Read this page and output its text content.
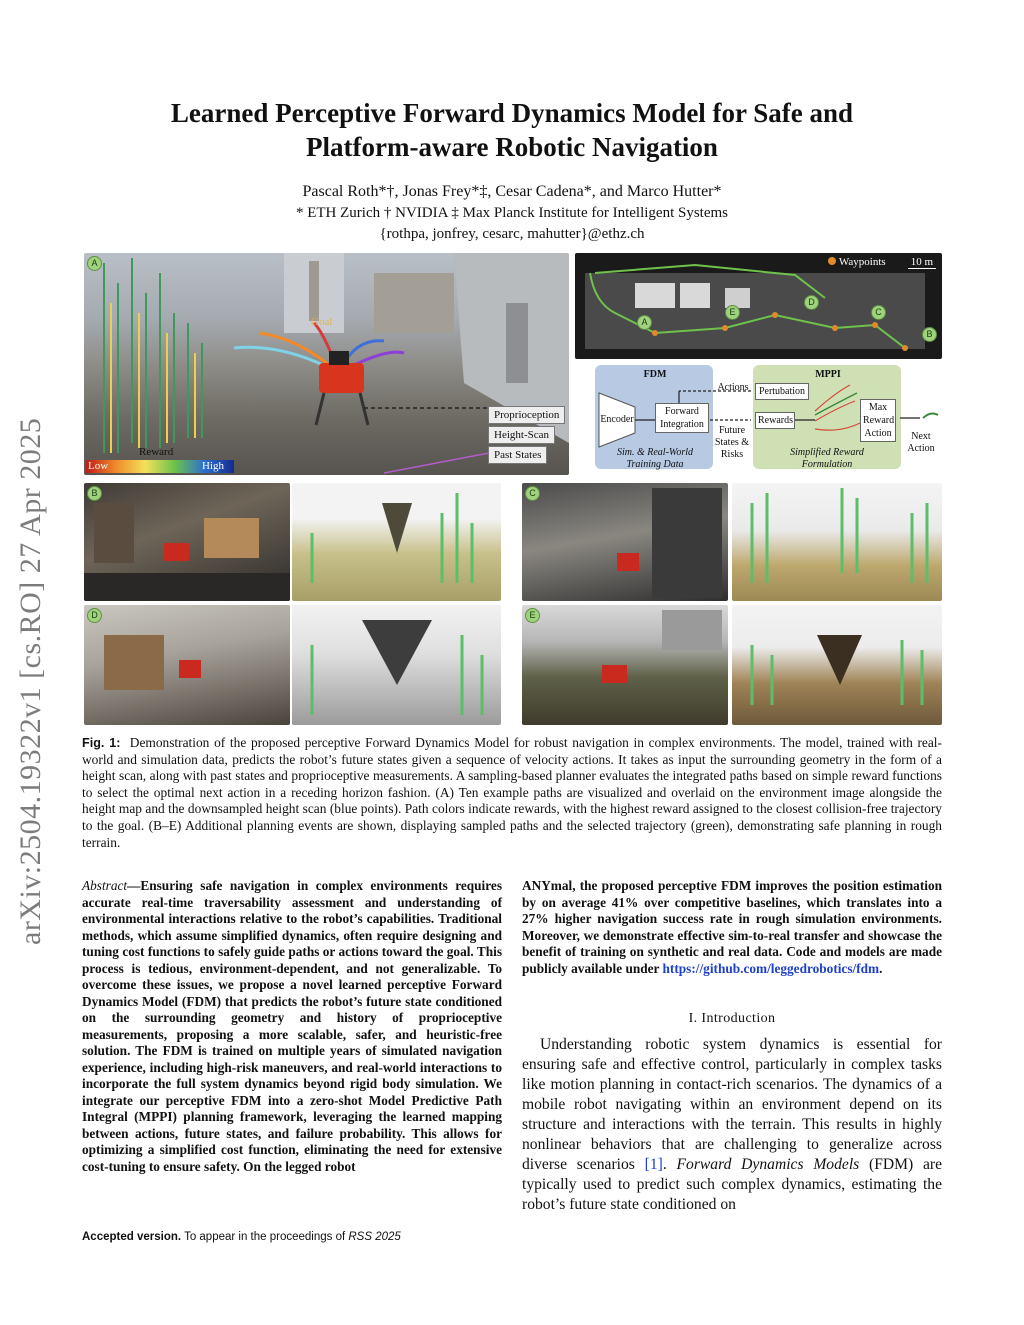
arXiv:2504.19322v1 [cs.RO] 27 Apr 2025
Learned Perceptive Forward Dynamics Model for Safe and
Platform-aware Robotic Navigation
Pascal Roth*†, Jonas Frey*‡, Cesar Cadena*, and Marco Hutter*
* ETH Zurich † NVIDIA ‡ Max Planck Institute for Intelligent Systems
{rothpa, jonfrey, cesarc, mahutter}@ethz.ch
A
Goal
Proprioception
Height-Scan
Past States
Reward
Low	High
Waypoints 10 m
A
E
D
C
B
FDM	MPPI
Encoder
Forward Integration
Actions
Future States & Risks
Pertubation
Rewards
Max Reward Action	Next Action
Sim. & Real-World Training Data
Simplified Reward Formulation
B	C
D	E
Fig. 1: Demonstration of the proposed perceptive Forward Dynamics Model for robust navigation in complex environments. The model, trained with real-world and simulation data, predicts the robot’s future states given a sequence of velocity actions. It takes as input the surrounding geometry in the form of a height scan, along with past states and proprioceptive measurements. A sampling-based planner evaluates the integrated paths based on simple reward functions to select the optimal next action in a receding horizon fashion. (A) Ten example paths are visualized and overlaid on the environment image alongside the height map and the downsampled height scan (blue points). Path colors indicate rewards, with the highest reward assigned to the closest collision-free trajectory to the goal. (B–E) Additional planning events are shown, displaying sampled paths and the selected trajectory (green), demonstrating safe planning in rough terrain.
Abstract—Ensuring safe navigation in complex environments requires accurate real-time traversability assessment and understanding of environmental interactions relative to the robot’s capabilities. Traditional methods, which assume simplified dynamics, often require designing and tuning cost functions to safely guide paths or actions toward the goal. This process is tedious, environment-dependent, and not generalizable. To overcome these issues, we propose a novel learned perceptive Forward Dynamics Model (FDM) that predicts the robot’s future state conditioned on the surrounding geometry and history of proprioceptive measurements, proposing a more scalable, safer, and heuristic-free solution. The FDM is trained on multiple years of simulated navigation experience, including high-risk maneuvers, and real-world interactions to incorporate the full system dynamics beyond rigid body simulation. We integrate our perceptive FDM into a zero-shot Model Predictive Path Integral (MPPI) planning framework, leveraging the learned mapping between actions, future states, and failure probability. This allows for optimizing a simplified cost function, eliminating the need for extensive cost-tuning to ensure safety. On the legged robot
ANYmal, the proposed perceptive FDM improves the position estimation by on average 41% over competitive baselines, which translates into a 27% higher navigation success rate in rough simulation environments. Moreover, we demonstrate effective sim-to-real transfer and showcase the benefit of training on synthetic and real data. Code and models are made publicly available under https://github.com/leggedrobotics/fdm.
I. Introduction
Understanding robotic system dynamics is essential for ensuring safe and effective control, particularly in complex tasks like motion planning in contact-rich scenarios. The dynamics of a mobile robot navigating within an environment depend on its structure and interactions with the terrain. This results in highly nonlinear behaviors that are challenging to generalize across diverse scenarios [1]. Forward Dynamics Models (FDM) are typically used to predict such complex dynamics, estimating the robot’s future state conditioned on
Accepted version. To appear in the proceedings of RSS 2025
